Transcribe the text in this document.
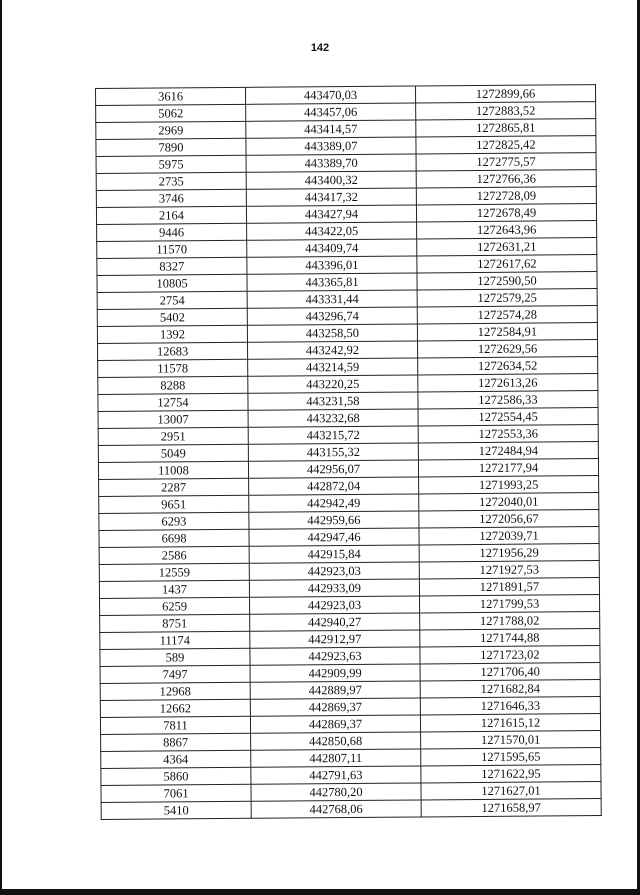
142
3616	443470,03	1272899,66
5062	443457,06	1272883,52
2969	443414,57	1272865,81
7890	443389,07	1272825,42
5975	443389,70	1272775,57
2735	443400,32	1272766,36
3746	443417,32	1272728,09
2164	443427,94	1272678,49
9446	443422,05	1272643,96
11570	443409,74	1272631,21
8327	443396,01	1272617,62
10805	443365,81	1272590,50
2754	443331,44	1272579,25
5402	443296,74	1272574,28
1392	443258,50	1272584,91
12683	443242,92	1272629,56
11578	443214,59	1272634,52
8288	443220,25	1272613,26
12754	443231,58	1272586,33
13007	443232,68	1272554,45
2951	443215,72	1272553,36
5049	443155,32	1272484,94
11008	442956,07	1272177,94
2287	442872,04	1271993,25
9651	442942,49	1272040,01
6293	442959,66	1272056,67
6698	442947,46	1272039,71
2586	442915,84	1271956,29
12559	442923,03	1271927,53
1437	442933,09	1271891,57
6259	442923,03	1271799,53
8751	442940,27	1271788,02
11174	442912,97	1271744,88
589	442923,63	1271723,02
7497	442909,99	1271706,40
12968	442889,97	1271682,84
12662	442869,37	1271646,33
7811	442869,37	1271615,12
8867	442850,68	1271570,01
4364	442807,11	1271595,65
5860	442791,63	1271622,95
7061	442780,20	1271627,01
5410	442768,06	1271658,97
